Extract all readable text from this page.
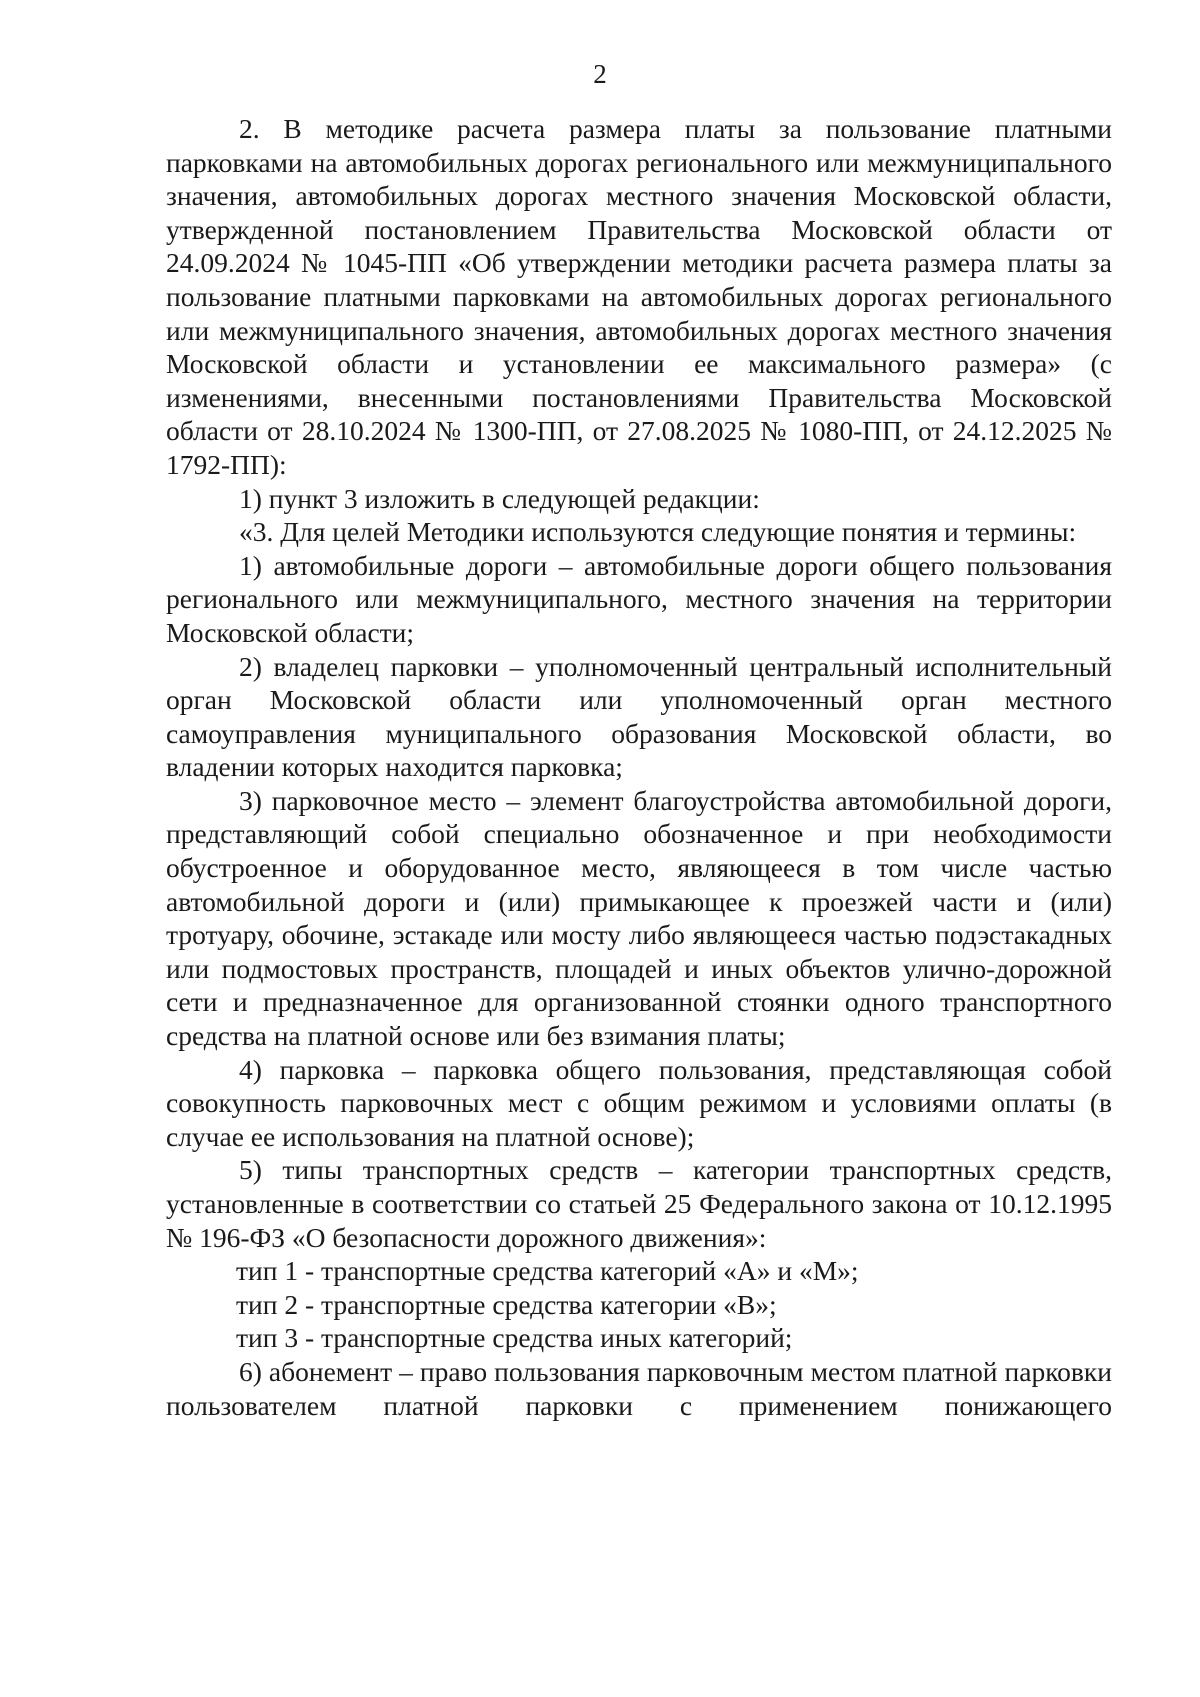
2

2. В методике расчета размера платы за пользование платными парковками на автомобильных дорогах регионального или межмуниципального значения, автомобильных дорогах местного значения Московской области, утвержденной постановлением Правительства Московской области от 24.09.2024 № 1045-ПП «Об утверждении методики расчета размера платы за пользование платными парковками на автомобильных дорогах регионального или межмуниципального значения, автомобильных дорогах местного значения Московской области и установлении ее максимального размера» (с изменениями, внесенными постановлениями Правительства Московской области от 28.10.2024 № 1300-ПП, от 27.08.2025 № 1080-ПП, от 24.12.2025 № 1792-ПП):

1) пункт 3 изложить в следующей редакции:

«3. Для целей Методики используются следующие понятия и термины:

1) автомобильные дороги – автомобильные дороги общего пользования регионального или межмуниципального, местного значения на территории Московской области;

2) владелец парковки – уполномоченный центральный исполнительный орган Московской области или уполномоченный орган местного самоуправления муниципального образования Московской области, во владении которых находится парковка;

3) парковочное место – элемент благоустройства автомобильной дороги, представляющий собой специально обозначенное и при необходимости обустроенное и оборудованное место, являющееся в том числе частью автомобильной дороги и (или) примыкающее к проезжей части и (или) тротуару, обочине, эстакаде или мосту либо являющееся частью подэстакадных или подмостовых пространств, площадей и иных объектов улично-дорожной сети и предназначенное для организованной стоянки одного транспортного средства на платной основе или без взимания платы;

4) парковка – парковка общего пользования, представляющая собой совокупность парковочных мест с общим режимом и условиями оплаты (в случае ее использования на платной основе);

5) типы транспортных средств – категории транспортных средств, установленные в соответствии со статьей 25 Федерального закона от 10.12.1995 № 196-ФЗ «О безопасности дорожного движения»:

тип 1 - транспортные средства категорий «A» и «M»;

тип 2 - транспортные средства категории «B»;

тип 3 - транспортные средства иных категорий;

6) абонемент – право пользования парковочным местом платной парковки пользователем платной парковки с применением понижающего
